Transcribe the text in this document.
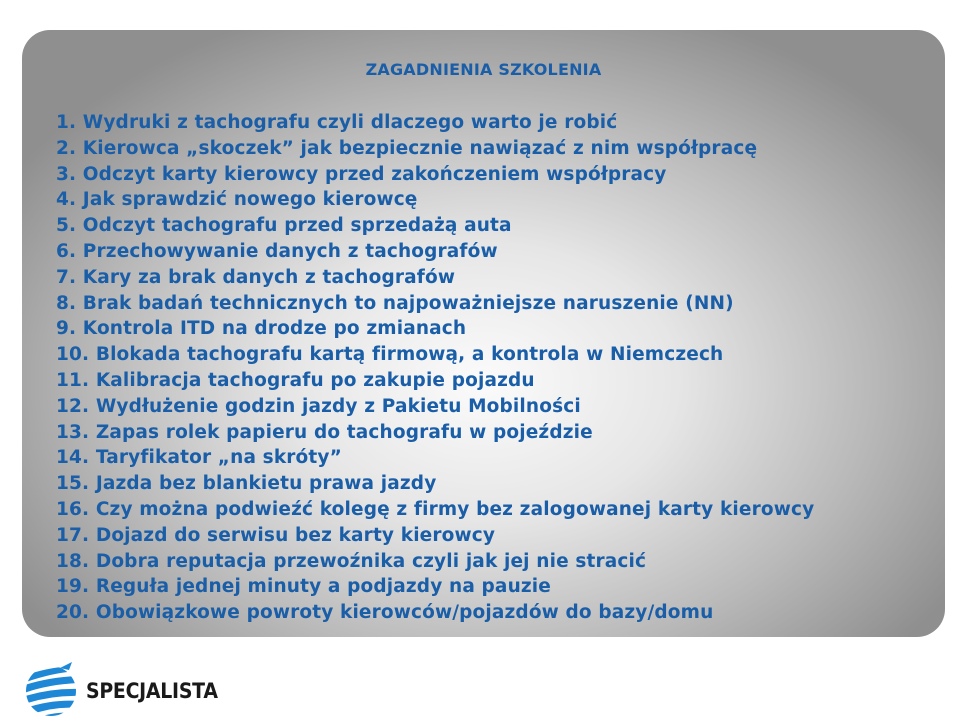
ZAGADNIENIA SZKOLENIA
1. Wydruki z tachografu czyli dlaczego warto je robić
2. Kierowca „skoczek” jak bezpiecznie nawiązać z nim współpracę
3. Odczyt karty kierowcy przed zakończeniem współpracy
4. Jak sprawdzić nowego kierowcę
5. Odczyt tachografu przed sprzedażą auta
6. Przechowywanie danych z tachografów
7. Kary za brak danych z tachografów
8. Brak badań technicznych to najpoważniejsze naruszenie (NN)
9. Kontrola ITD na drodze po zmianach
10. Blokada tachografu kartą firmową, a kontrola w Niemczech
11. Kalibracja tachografu po zakupie pojazdu
12. Wydłużenie godzin jazdy z Pakietu Mobilności
13. Zapas rolek papieru do tachografu w pojeździe
14. Taryfikator „na skróty”
15. Jazda bez blankietu prawa jazdy
16. Czy można podwieźć kolegę z firmy bez zalogowanej karty kierowcy
17. Dojazd do serwisu bez karty kierowcy
18. Dobra reputacja przewoźnika czyli jak jej nie stracić
19. Reguła jednej minuty a podjazdy na pauzie
20. Obowiązkowe powroty kierowców/pojazdów do bazy/domu
SPECJALISTA
